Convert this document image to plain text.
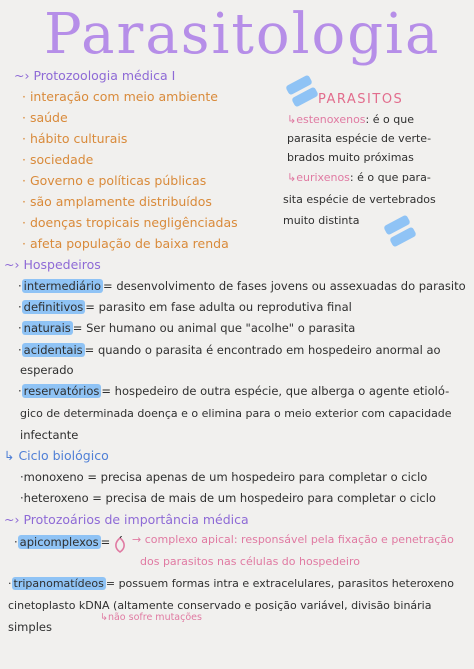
Parasitologia
~› Protozoologia médica I
· interação com meio ambiente
· saúde
· hábito culturais
· sociedade
· Governo e políticas públicas
· são amplamente distribuídos
· doenças tropicais negligênciadas
· afeta população de baixa renda
PARASITOS
↳estenoxenos: é o que
parasita espécie de verte-
brados muito próximas
↳eurixenos: é o que para-
sita espécie de vertebrados
muito distinta
~› Hospedeiros
· intermediário = desenvolvimento de fases jovens ou assexuadas do parasito
· definitivos = parasito em fase adulta ou reprodutiva final
· naturais = Ser humano ou animal que "acolhe" o parasita
· acidentais = quando o parasita é encontrado em hospedeiro anormal ao
esperado
· reservatórios = hospedeiro de outra espécie, que alberga o agente etioló-
gico de determinada doença e o elimina para o meio exterior com capacidade
infectante
↳ Ciclo biológico
·monoxeno = precisa apenas de um hospedeiro para completar o ciclo
·heteroxeno = precisa de mais de um hospedeiro para completar o ciclo
~› Protozoários de importância médica
· apicomplexos = → complexo apical: responsável pela fixação e penetração
dos parasitos nas células do hospedeiro
· tripanomatídeos = possuem formas intra e extracelulares, parasitos heteroxeno
cinetoplasto kDNA (altamente conservado e posição variável, divisão binária
↳não sofre mutações
simples
